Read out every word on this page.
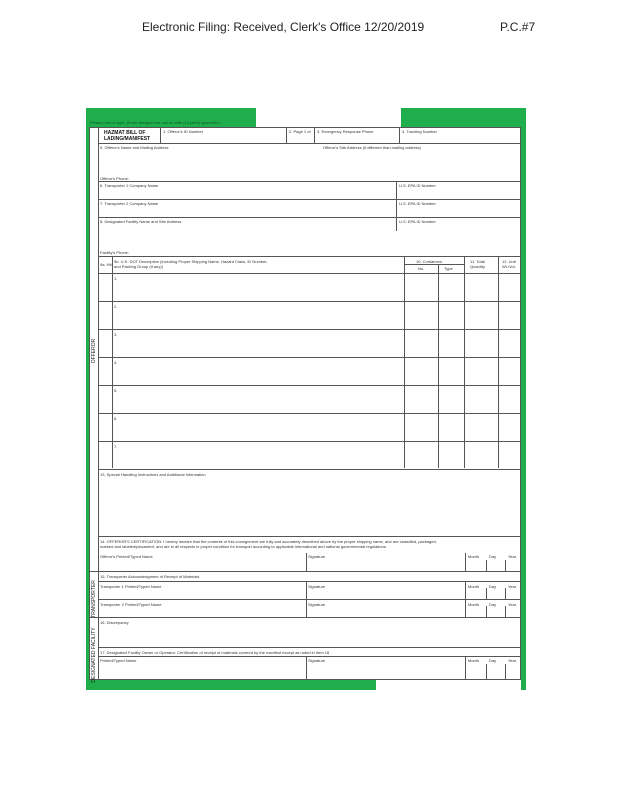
Electronic Filing: Received, Clerk's Office 12/20/2019	P.C.#7
Please print or type. (Form designed for use on elite (12-pitch) typewriter.)
OFFEROR
TRANSPORTER
DESIGNATED FACILITY
HAZMAT BILL OF
LADING/MANIFEST
1. Offeror's ID Number	2. Page 1 of 3. Emergency Response Phone	4. Tracking Number
5. Offeror's Name and Mailing Address	Offeror's Site Address (if different than mailing address)
Offeror's Phone:
6. Transporter 1 Company Name	U.S. EPA ID Number
7. Transporter 2 Company Name	U.S. EPA ID Number
8. Designated Facility Name and Site Address	U.S. EPA ID Number
Facility's Phone:
9a. HM
9b. U.S. DOT Description (including Proper Shipping Name, Hazard Class, ID Number,
and Packing Group (if any))
10. Containers
No.	Type
11. Total
Quantity
12. Unit
Wt./Vol.
1.
2.
3.
4.
5.
6.
7.
13. Special Handling Instructions and Additional Information
14. OFFEROR'S CERTIFICATION: I hereby declare that the contents of this consignment are fully and accurately described above by the proper shipping name, and are classified, packaged,
marked and labeled/placarded, and are in all respects in proper condition for transport according to applicable international and national governmental regulations.
Offeror's Printed/Typed Name	Signature	Month Day	Year
15. Transporter Acknowledgment of Receipt of Materials
Transporter 1 Printed/Typed Name	Signature	Month Day	Year
Transporter 2 Printed/Typed Name	Signature	Month Day	Year
16. Discrepancy
17. Designated Facility Owner or Operator: Certification of receipt of materials covered by the manifest except as noted in Item 16
Printed/Typed Name	Signature	Month Day	Year
